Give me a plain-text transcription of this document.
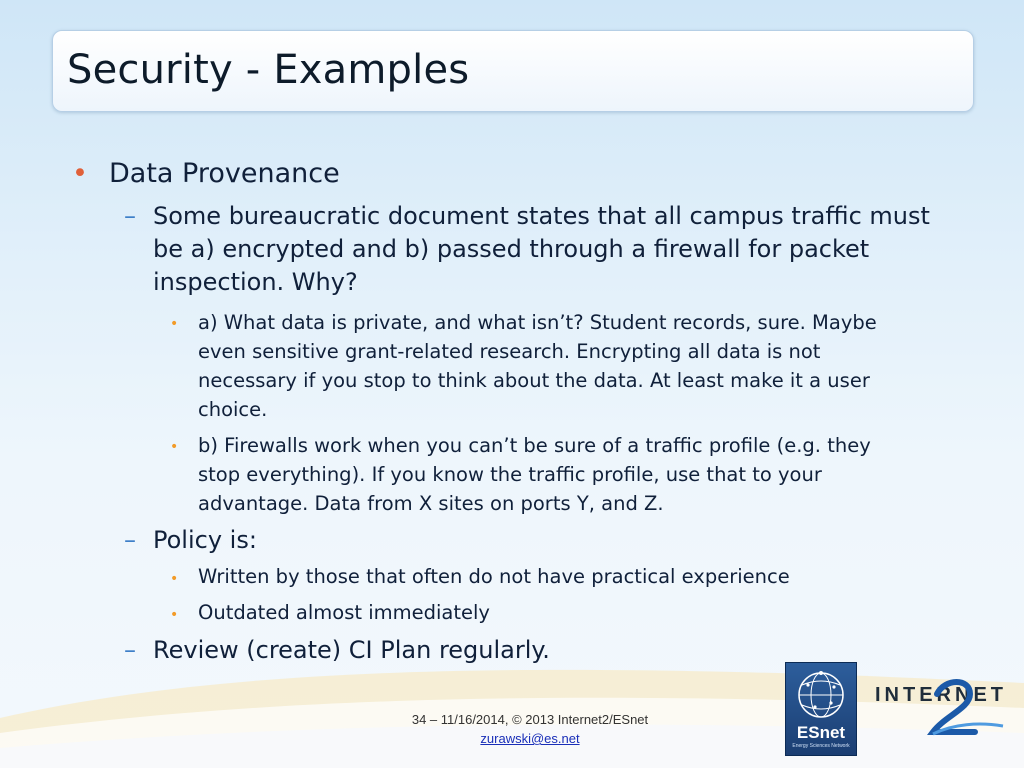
Security - Examples
• Data Provenance
– Some bureaucratic document states that all campus traffic must
be a) encrypted and b) passed through a firewall for packet
inspection. Why?
• a) What data is private, and what isn’t? Student records, sure. Maybe
even sensitive grant-related research. Encrypting all data is not
necessary if you stop to think about the data. At least make it a user
choice.
• b) Firewalls work when you can’t be sure of a traffic profile (e.g. they
stop everything). If you know the traffic profile, use that to your
advantage. Data from X sites on ports Y, and Z.
– Policy is:
• Written by those that often do not have practical experience
• Outdated almost immediately
– Review (create) CI Plan regularly.
34 – 11/16/2014, © 2013 Internet2/ESnet
zurawski@es.net	ESnet
Energy Sciences Network
INTERNET
